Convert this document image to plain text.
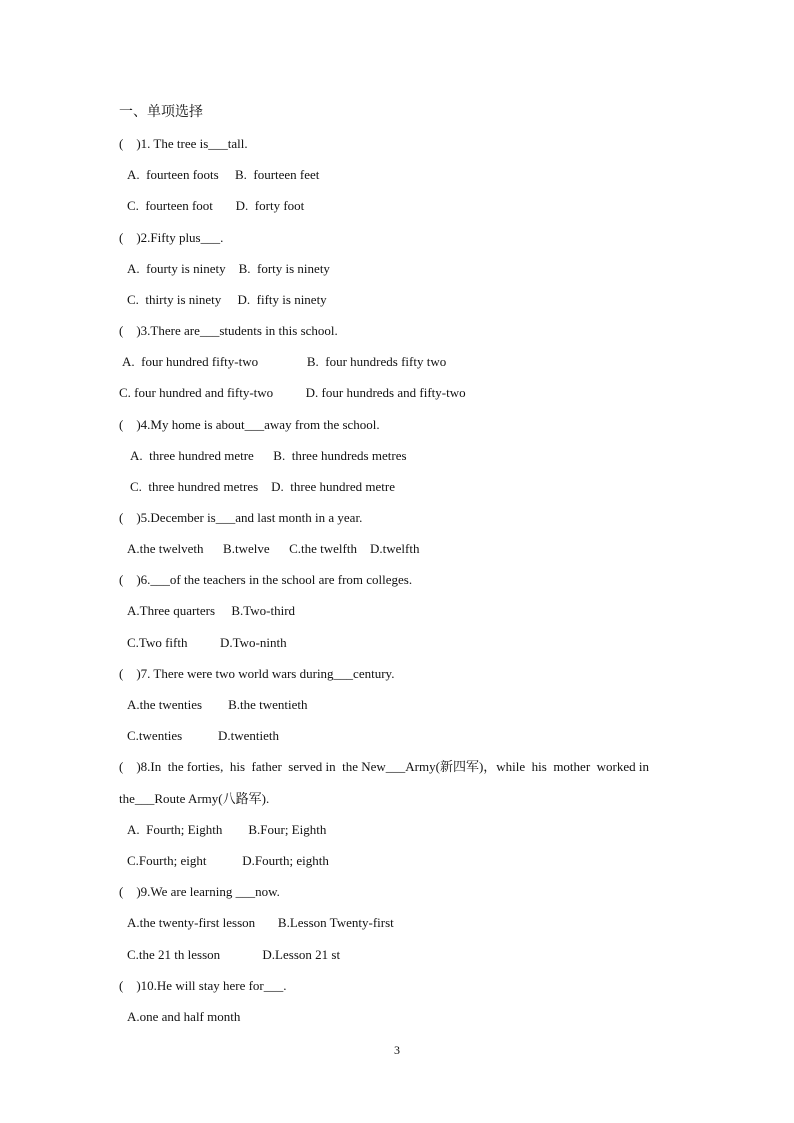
一、单项选择
(    )1. The tree is___tall.
A.  fourteen foots     B.  fourteen feet
C.  fourteen foot       D.  forty foot
(    )2.Fifty plus___.
A.  fourty is ninety    B.  forty is ninety
C.  thirty is ninety     D.  fifty is ninety
(    )3.There are___students in this school.
A.  four hundred fifty-two               B.  four hundreds fifty two
C. four hundred and fifty-two          D. four hundreds and fifty-two
(    )4.My home is about___away from the school.
A.  three hundred metre      B.  three hundreds metres
C.  three hundred metres    D.  three hundred metre
(    )5.December is___and last month in a year.
A.the twelveth      B.twelve      C.the twelfth    D.twelfth
(    )6.___of the teachers in the school are from colleges.
A.Three quarters     B.Two-third
C.Two fifth          D.Two-ninth
(    )7. There were two world wars during___century.
A.the twenties        B.the twentieth
C.twenties           D.twentieth
(    )8.In  the forties,  his  father  served in  the New___Army(新四军)，while  his  mother  worked in
the___Route Army(八路军).
A.  Fourth; Eighth        B.Four; Eighth
C.Fourth; eight           D.Fourth; eighth
(    )9.We are learning ___now.
A.the twenty-first lesson       B.Lesson Twenty-first
C.the 21 th lesson             D.Lesson 21 st
(    )10.He will stay here for___.
A.one and half month
3
